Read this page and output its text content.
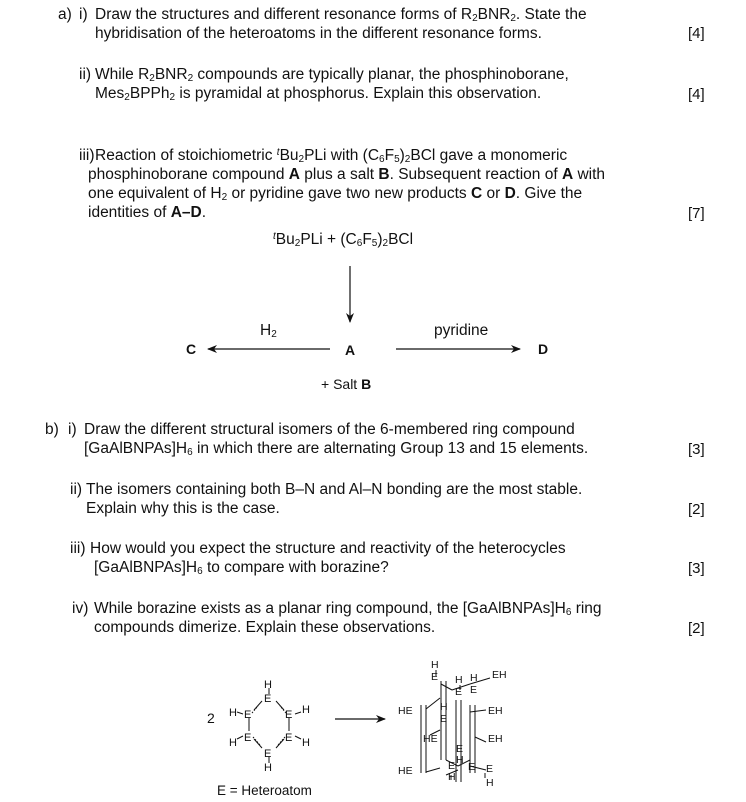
a) i) Draw the structures and different resonance forms of $R_2BNR_2$. State the
hybridisation of the heteroatoms in the different resonance forms.	[4]
ii) While $R_2BNR_2$ compounds are typically planar, the phosphinoborane,
Mes$_2$BPPh$_2$ is pyramidal at phosphorus. Explain this observation.	[4]
iii) Reaction of stoichiometric $^tBu_2PLi$ with $(C_6F_5)_2BCl$ gave a monomeric
phosphinoborane compound A plus a salt B. Subsequent reaction of A with
one equivalent of $H_2$ or pyridine gave two new products C or D. Give the
identities of A–D.	[7]
$^tBu_2PLi + (C_6F_5)_2BCl$
$H_2$	pyridine
C	A	D
+ Salt B
b) i) Draw the different structural isomers of the 6-membered ring compound
$[GaAlBNPAs]H_6$ in which there are alternating Group 13 and 15 elements.	[3]
ii) The isomers containing both B–N and Al–N bonding are the most stable.
Explain why this is the case.	[2]
iii) How would you expect the structure and reactivity of the heterocycles
$[GaAlBNPAs]H_6$ to compare with borazine?	[3]
iv) While borazine exists as a planar ring compound, the $[GaAlBNPAs]H_6$ ring
compounds dimerize. Explain these observations.	[2]
2
E = Heteroatom
H
E
E	E
E	E
E
H
H	H
H	H
H
E H
E
H
E
EH
HE	EH
H
E
HE	EH
E
H
HE	E
H
E E
H
